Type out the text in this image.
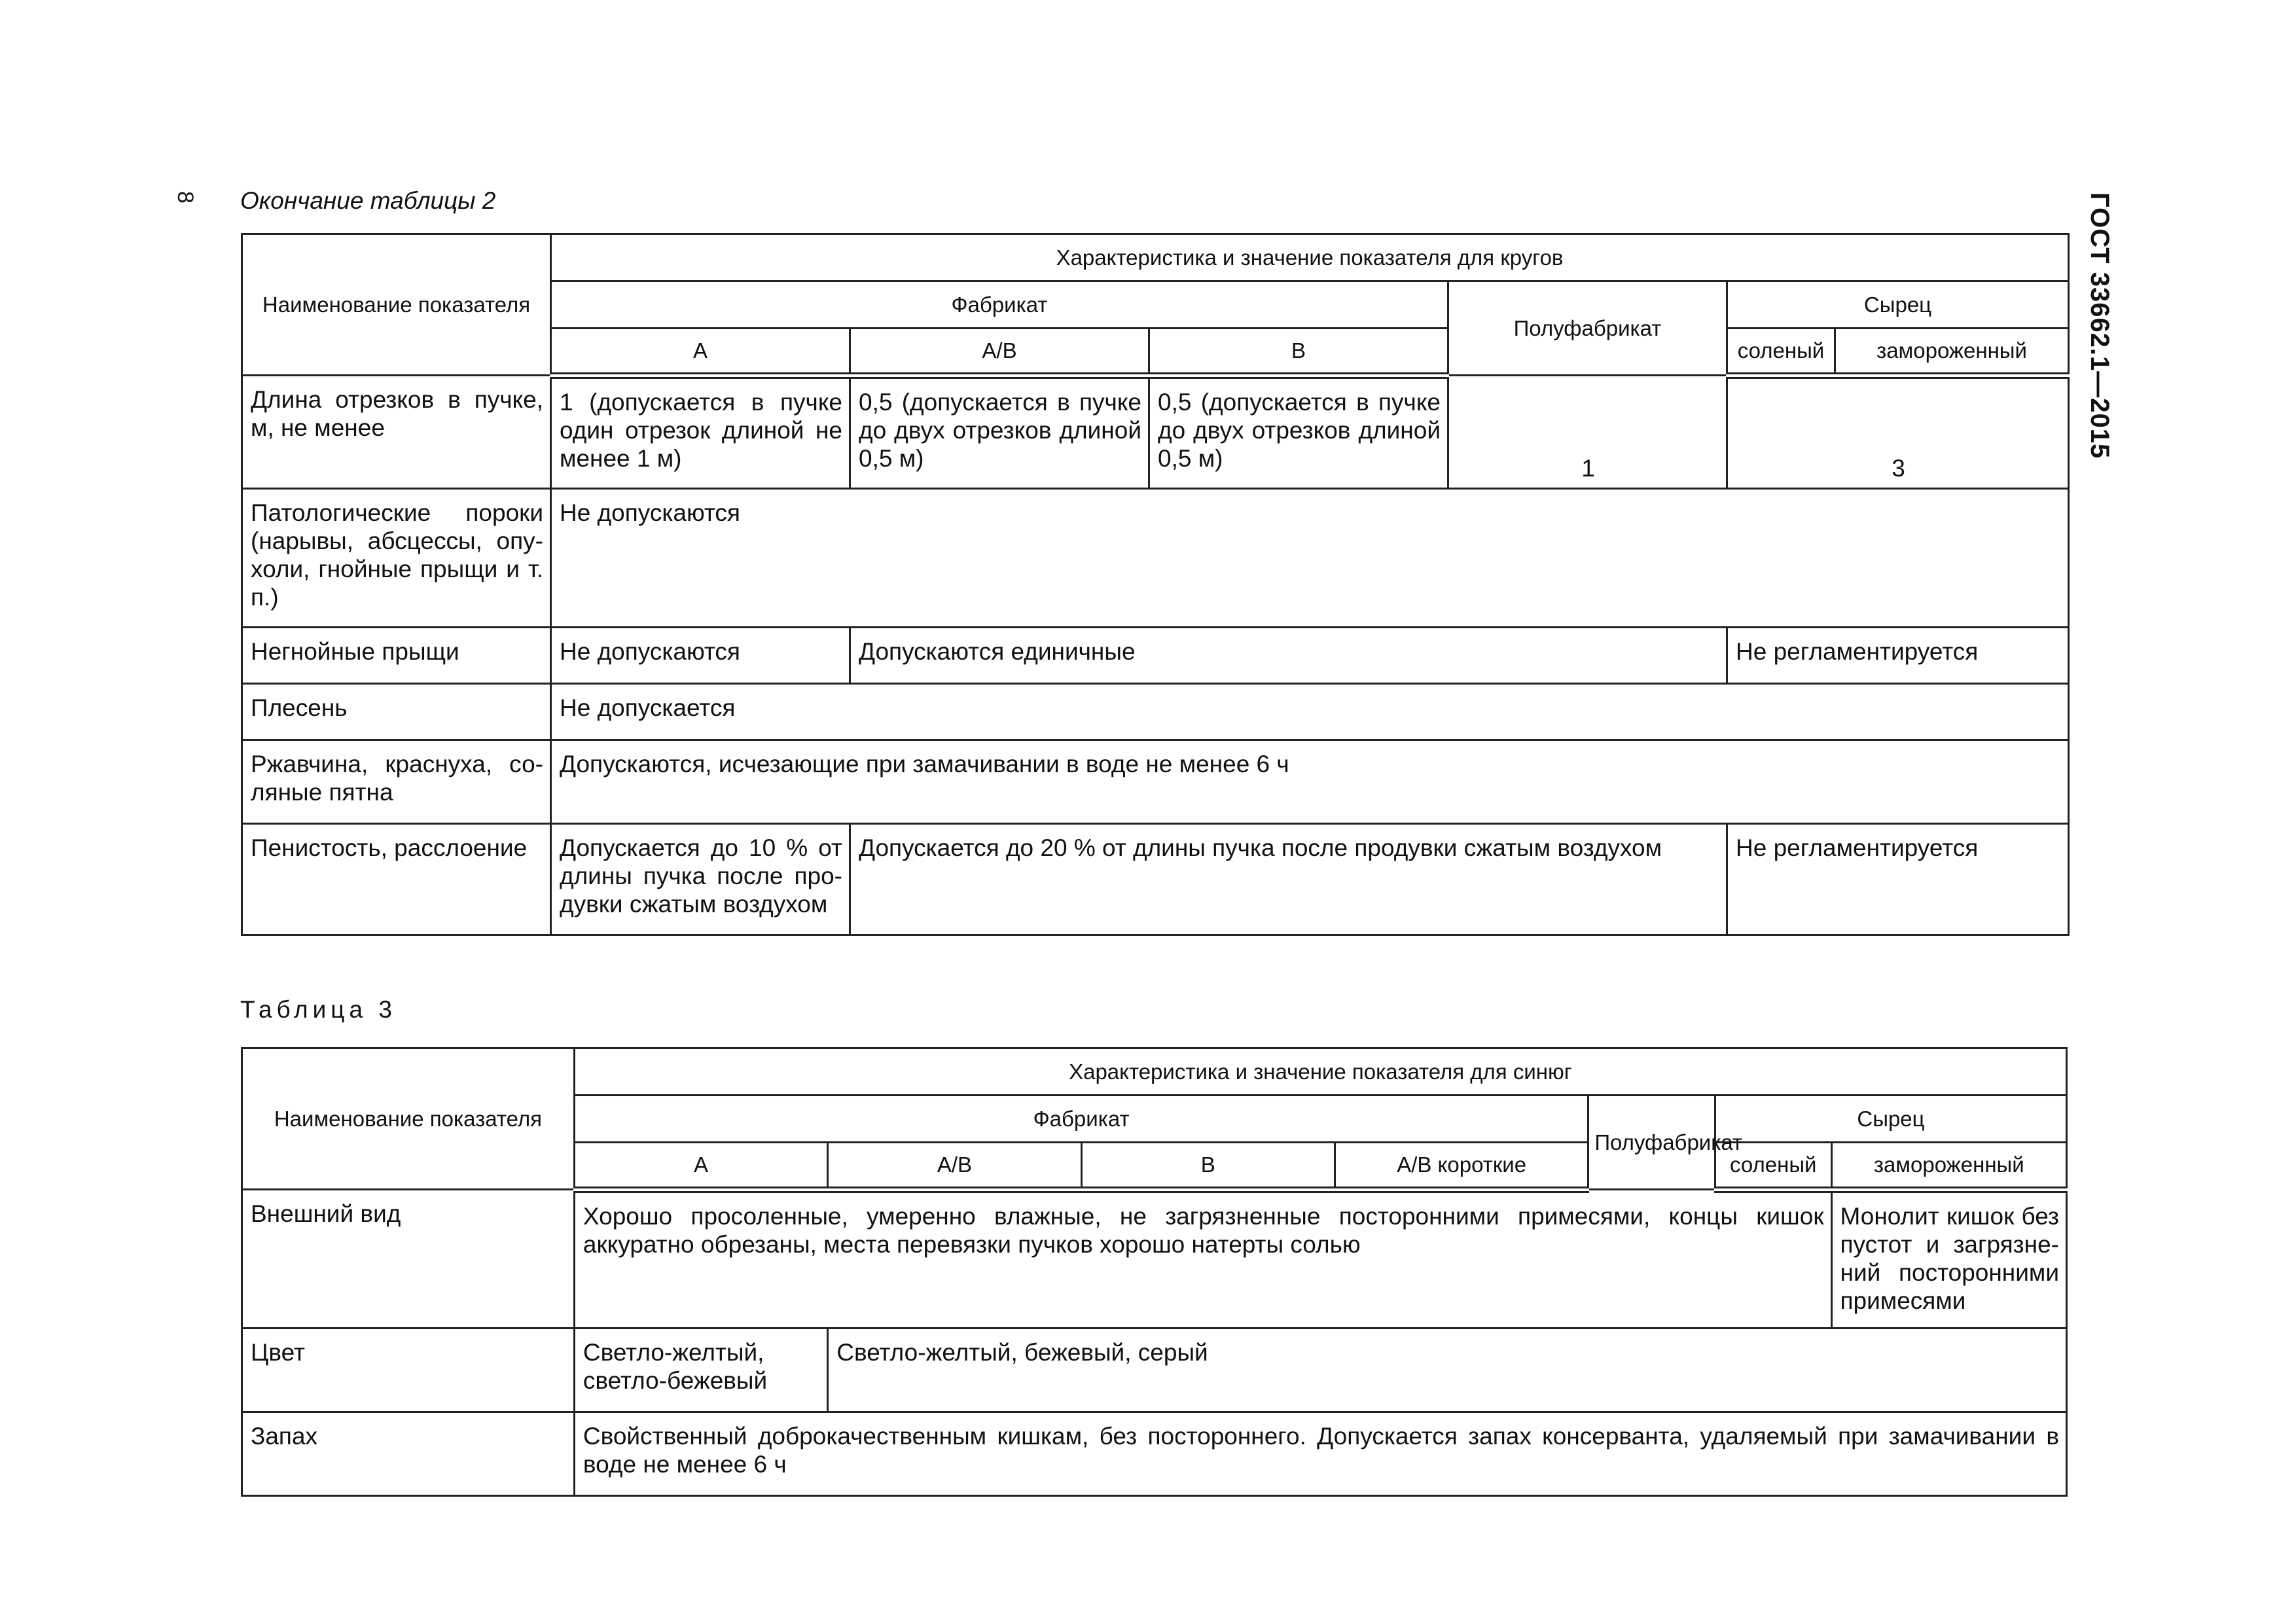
8 Окончание таблицы 2	ГОСТ 33662.1—2015
Наименование показателя	Характеристика и значение показателя для кругов					
	Фабрикат			Полуфабрикат	Сырец	
	А	А/В	В		соленый	замороженный
Длина отрезков в пучке, м, не менее	1 (допускается в пучке один отрезок длиной не менее 1 м)	0,5 (допускается в пучке до двух отрезков длиной 0,5 м)	0,5 (допускается в пучке до двух отрезков длиной 0,5 м)	1	3	
Патологические пороки (нарывы, абсцессы, опухоли, гнойные прыщи и т. п.)	Не допускаются					
Негнойные прыщи	Не допускаются	Допускаются единичные			Не регламентируется	
Плесень	Не допускается					
Ржавчина, краснуха, соляные пятна	Допускаются, исчезающие при замачивании в воде не менее 6 ч					
Пенистость, расслоение	Допускается до 10 % от длины пучка после продувки сжатым воздухом	Допускается до 20 % от длины пучка после продувки сжатым воздухом			Не регламентируется	
Таблица 3
Наименование показателя	Характеристика и значение показателя для синюг						
	Фабрикат				Полуфабрикат	Сырец	
	А	А/В	В	А/В короткие		соленый	замороженный
Внешний вид	Хорошо просоленные, умеренно влажные, не загрязненные посторонними примесями, концы кишок аккуратно обрезаны, места перевязки пучков хорошо натерты солью						Монолит кишок без пустот и загрязнений посторонними примесями
Цвет	Светло-желтый, светло-бежевый	Светло-желтый, бежевый, серый					
Запах	Свойственный доброкачественным кишкам, без постороннего. Допускается запах консерванта, удаляемый при замачивании в воде не менее 6 ч						
